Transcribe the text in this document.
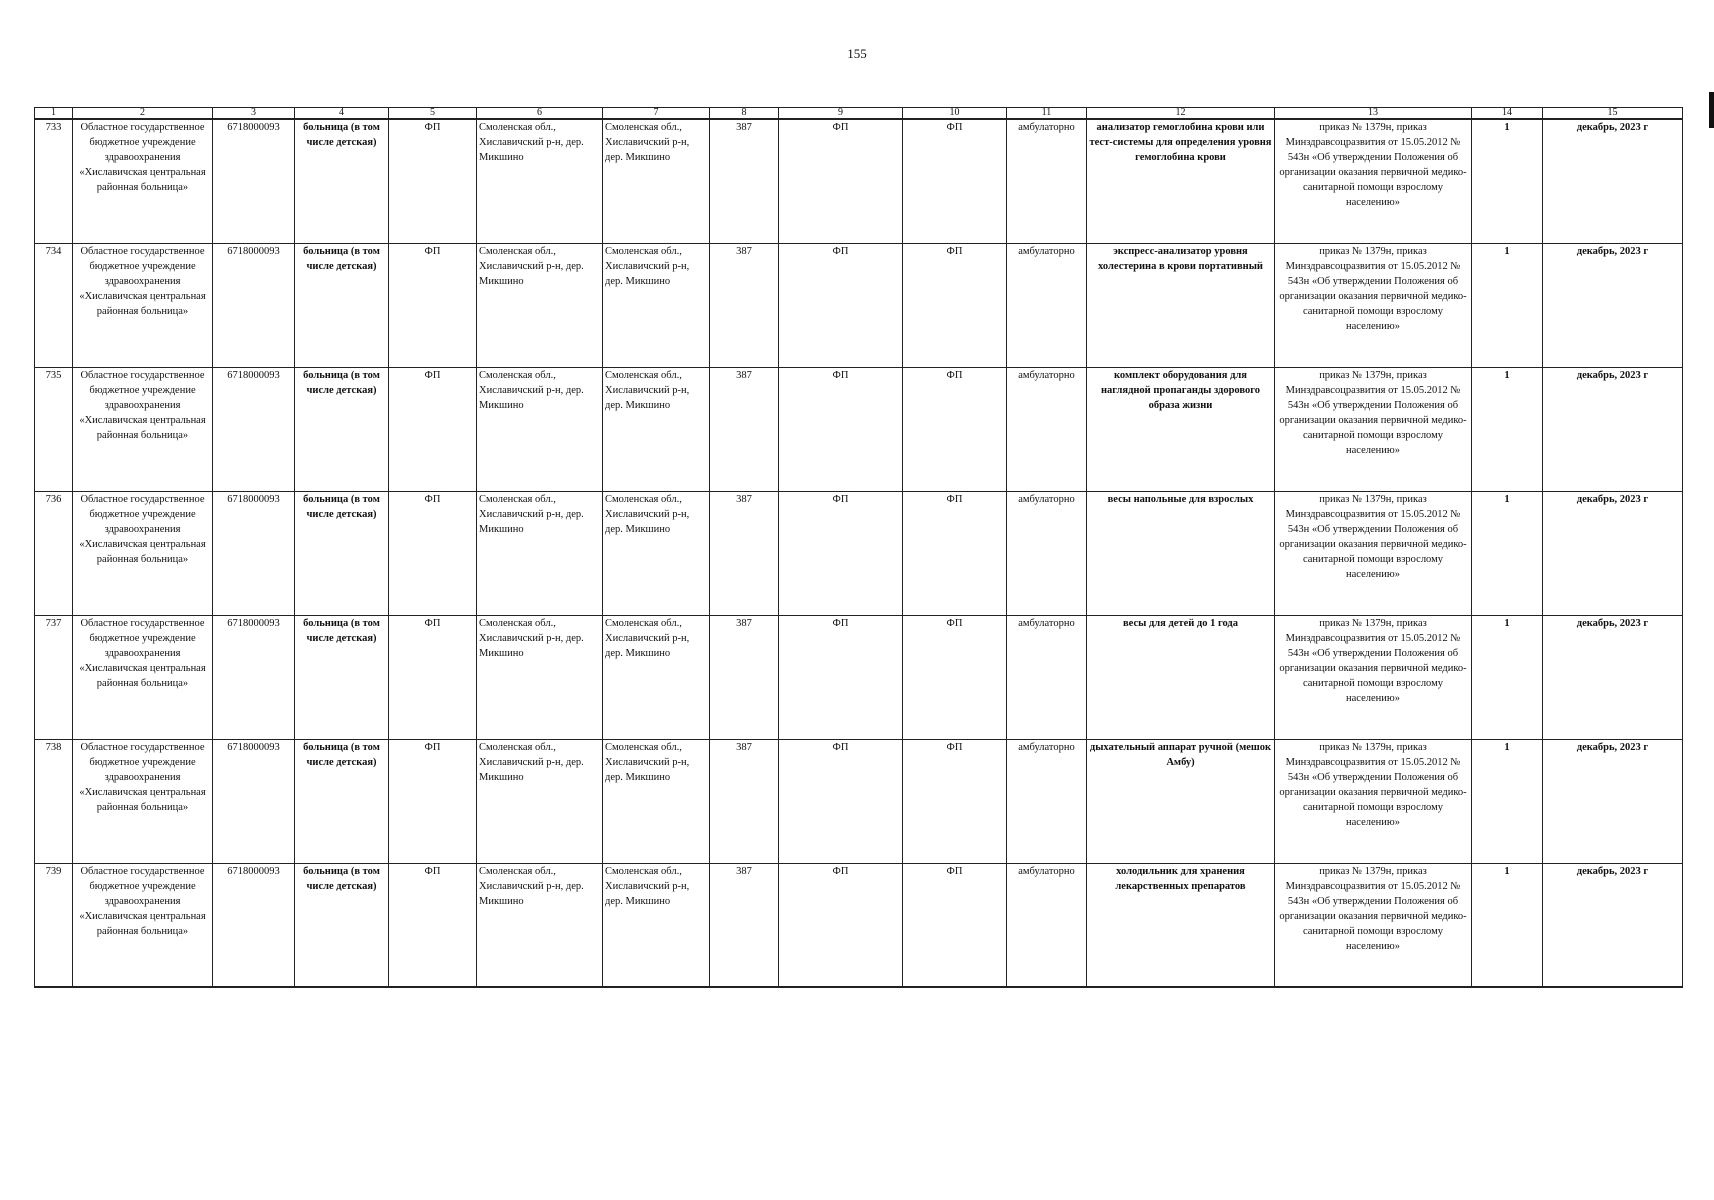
155
1	2	3	4	5	6	7	8	9	10	11	12	13	14	15
733	Областное государственное бюджетное учреждение здравоохранения «Хиславичская центральная районная больница»	6718000093	больница (в том числе детская)	ФП	Смоленская обл., Хиславичский р-н, дер. Микшино	Смоленская обл., Хиславичский р-н, дер. Микшино	387	ФП	ФП	амбулаторно	анализатор гемоглобина крови или тест-системы для определения уровня гемоглобина крови	приказ № 1379н, приказ Минздравсоцразвития от 15.05.2012 № 543н «Об утверждении Положения об организации оказания первичной медико-санитарной помощи взрослому населению»	1	декабрь, 2023 г
734	Областное государственное бюджетное учреждение здравоохранения «Хиславичская центральная районная больница»	6718000093	больница (в том числе детская)	ФП	Смоленская обл., Хиславичский р-н, дер. Микшино	Смоленская обл., Хиславичский р-н, дер. Микшино	387	ФП	ФП	амбулаторно	экспресс-анализатор уровня холестерина в крови портативный	приказ № 1379н, приказ Минздравсоцразвития от 15.05.2012 № 543н «Об утверждении Положения об организации оказания первичной медико-санитарной помощи взрослому населению»	1	декабрь, 2023 г
735	Областное государственное бюджетное учреждение здравоохранения «Хиславичская центральная районная больница»	6718000093	больница (в том числе детская)	ФП	Смоленская обл., Хиславичский р-н, дер. Микшино	Смоленская обл., Хиславичский р-н, дер. Микшино	387	ФП	ФП	амбулаторно	комплект оборудования для наглядной пропаганды здорового образа жизни	приказ № 1379н, приказ Минздравсоцразвития от 15.05.2012 № 543н «Об утверждении Положения об организации оказания первичной медико-санитарной помощи взрослому населению»	1	декабрь, 2023 г
736	Областное государственное бюджетное учреждение здравоохранения «Хиславичская центральная районная больница»	6718000093	больница (в том числе детская)	ФП	Смоленская обл., Хиславичский р-н, дер. Микшино	Смоленская обл., Хиславичский р-н, дер. Микшино	387	ФП	ФП	амбулаторно	весы напольные для взрослых	приказ № 1379н, приказ Минздравсоцразвития от 15.05.2012 № 543н «Об утверждении Положения об организации оказания первичной медико-санитарной помощи взрослому населению»	1	декабрь, 2023 г
737	Областное государственное бюджетное учреждение здравоохранения «Хиславичская центральная районная больница»	6718000093	больница (в том числе детская)	ФП	Смоленская обл., Хиславичский р-н, дер. Микшино	Смоленская обл., Хиславичский р-н, дер. Микшино	387	ФП	ФП	амбулаторно	весы для детей до 1 года	приказ № 1379н, приказ Минздравсоцразвития от 15.05.2012 № 543н «Об утверждении Положения об организации оказания первичной медико-санитарной помощи взрослому населению»	1	декабрь, 2023 г
738	Областное государственное бюджетное учреждение здравоохранения «Хиславичская центральная районная больница»	6718000093	больница (в том числе детская)	ФП	Смоленская обл., Хиславичский р-н, дер. Микшино	Смоленская обл., Хиславичский р-н, дер. Микшино	387	ФП	ФП	амбулаторно	дыхательный аппарат ручной (мешок Амбу)	приказ № 1379н, приказ Минздравсоцразвития от 15.05.2012 № 543н «Об утверждении Положения об организации оказания первичной медико-санитарной помощи взрослому населению»	1	декабрь, 2023 г
739	Областное государственное бюджетное учреждение здравоохранения «Хиславичская центральная районная больница»	6718000093	больница (в том числе детская)	ФП	Смоленская обл., Хиславичский р-н, дер. Микшино	Смоленская обл., Хиславичский р-н, дер. Микшино	387	ФП	ФП	амбулаторно	холодильник для хранения лекарственных препаратов	приказ № 1379н, приказ Минздравсоцразвития от 15.05.2012 № 543н «Об утверждении Положения об организации оказания первичной медико-санитарной помощи взрослому населению»	1	декабрь, 2023 г
